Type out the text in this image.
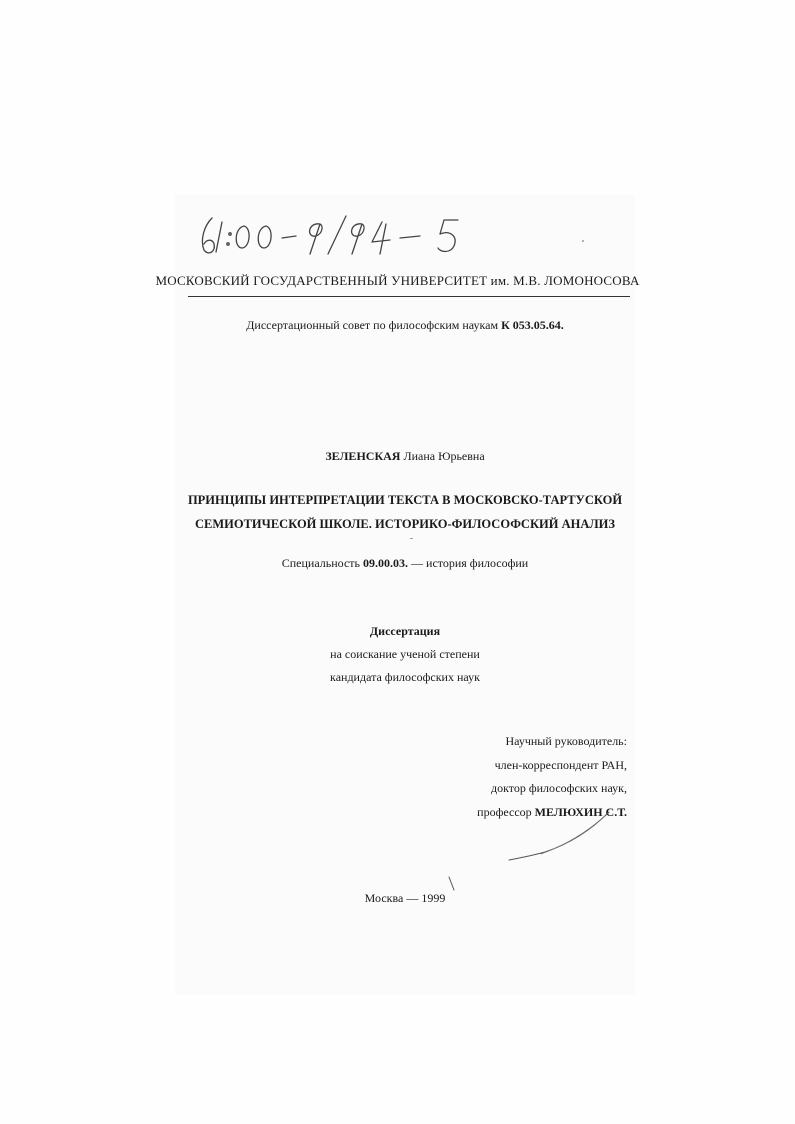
МОСКОВСКИЙ ГОСУДАРСТВЕННЫЙ УНИВЕРСИТЕТ им. М.В. ЛОМОНОСОВА
Диссертационный совет по философским наукам К 053.05.64.
ЗЕЛЕНСКАЯ Лиана Юрьевна
ПРИНЦИПЫ ИНТЕРПРЕТАЦИИ ТЕКСТА В МОСКОВСКО-ТАРТУСКОЙ
СЕМИОТИЧЕСКОЙ ШКОЛЕ. ИСТОРИКО-ФИЛОСОФСКИЙ АНАЛИЗ
Специальность 09.00.03. — история философии
Диссертация
на соискание ученой степени
кандидата философских наук
Научный руководитель:
член-корреспондент РАН,
доктор философских наук,
профессор МЕЛЮХИН С.Т.
Москва — 1999
